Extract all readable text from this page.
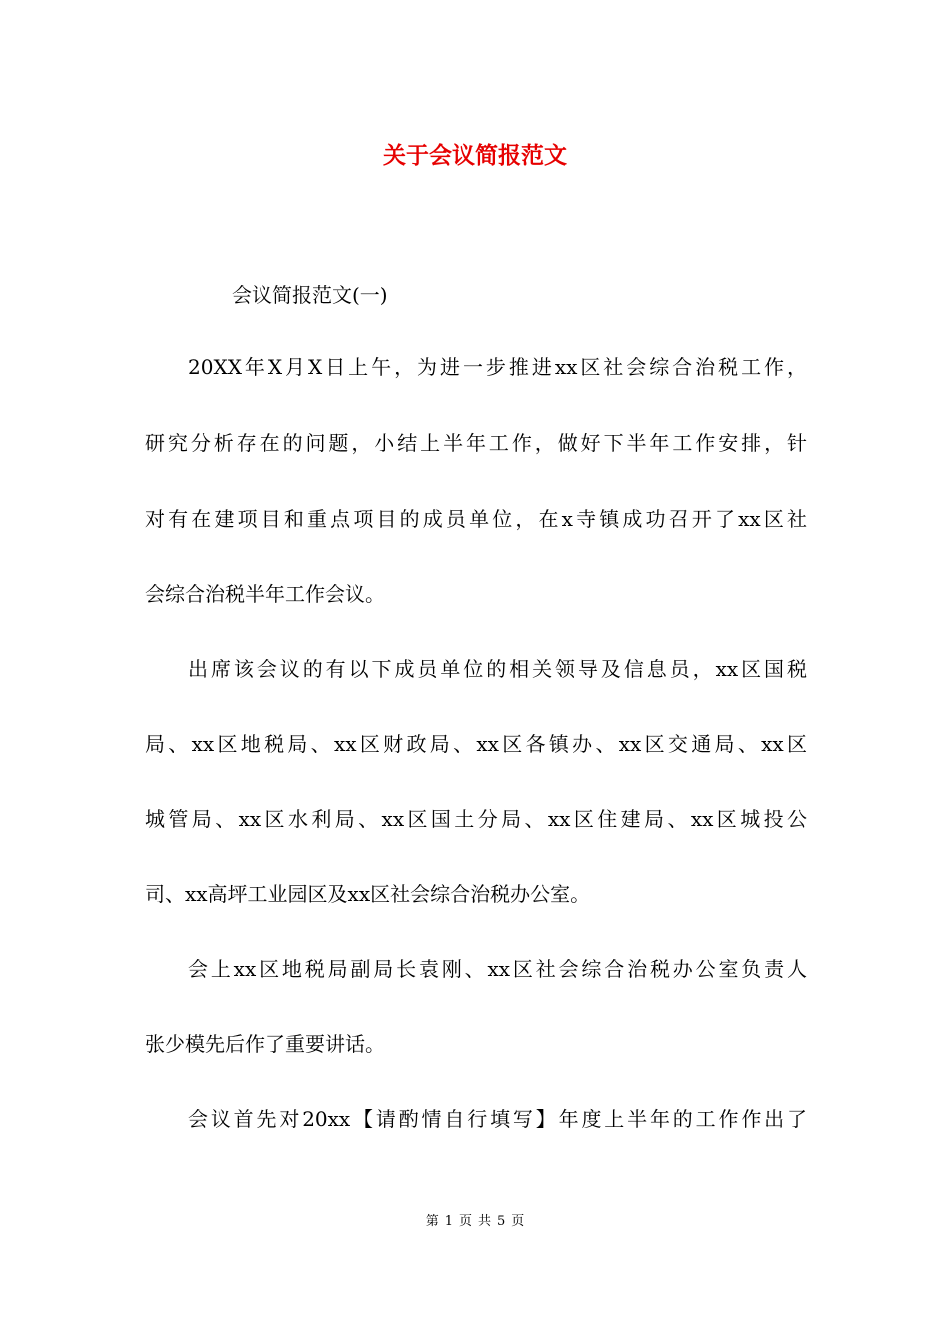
关于会议简报范文
会议简报范文(一)
20XX年X月X日上午，为进一步推进xx区社会综合治税工作，
研究分析存在的问题，小结上半年工作，做好下半年工作安排，针
对有在建项目和重点项目的成员单位，在x寺镇成功召开了xx区社
会综合治税半年工作会议。
出席该会议的有以下成员单位的相关领导及信息员，xx区国税
局、xx区地税局、xx区财政局、xx区各镇办、xx区交通局、xx区
城管局、xx区水利局、xx区国土分局、xx区住建局、xx区城投公
司、xx高坪工业园区及xx区社会综合治税办公室。
会上xx区地税局副局长袁刚、xx区社会综合治税办公室负责人
张少模先后作了重要讲话。
会议首先对20xx【请酌情自行填写】年度上半年的工作作出了
第 1 页 共 5 页
